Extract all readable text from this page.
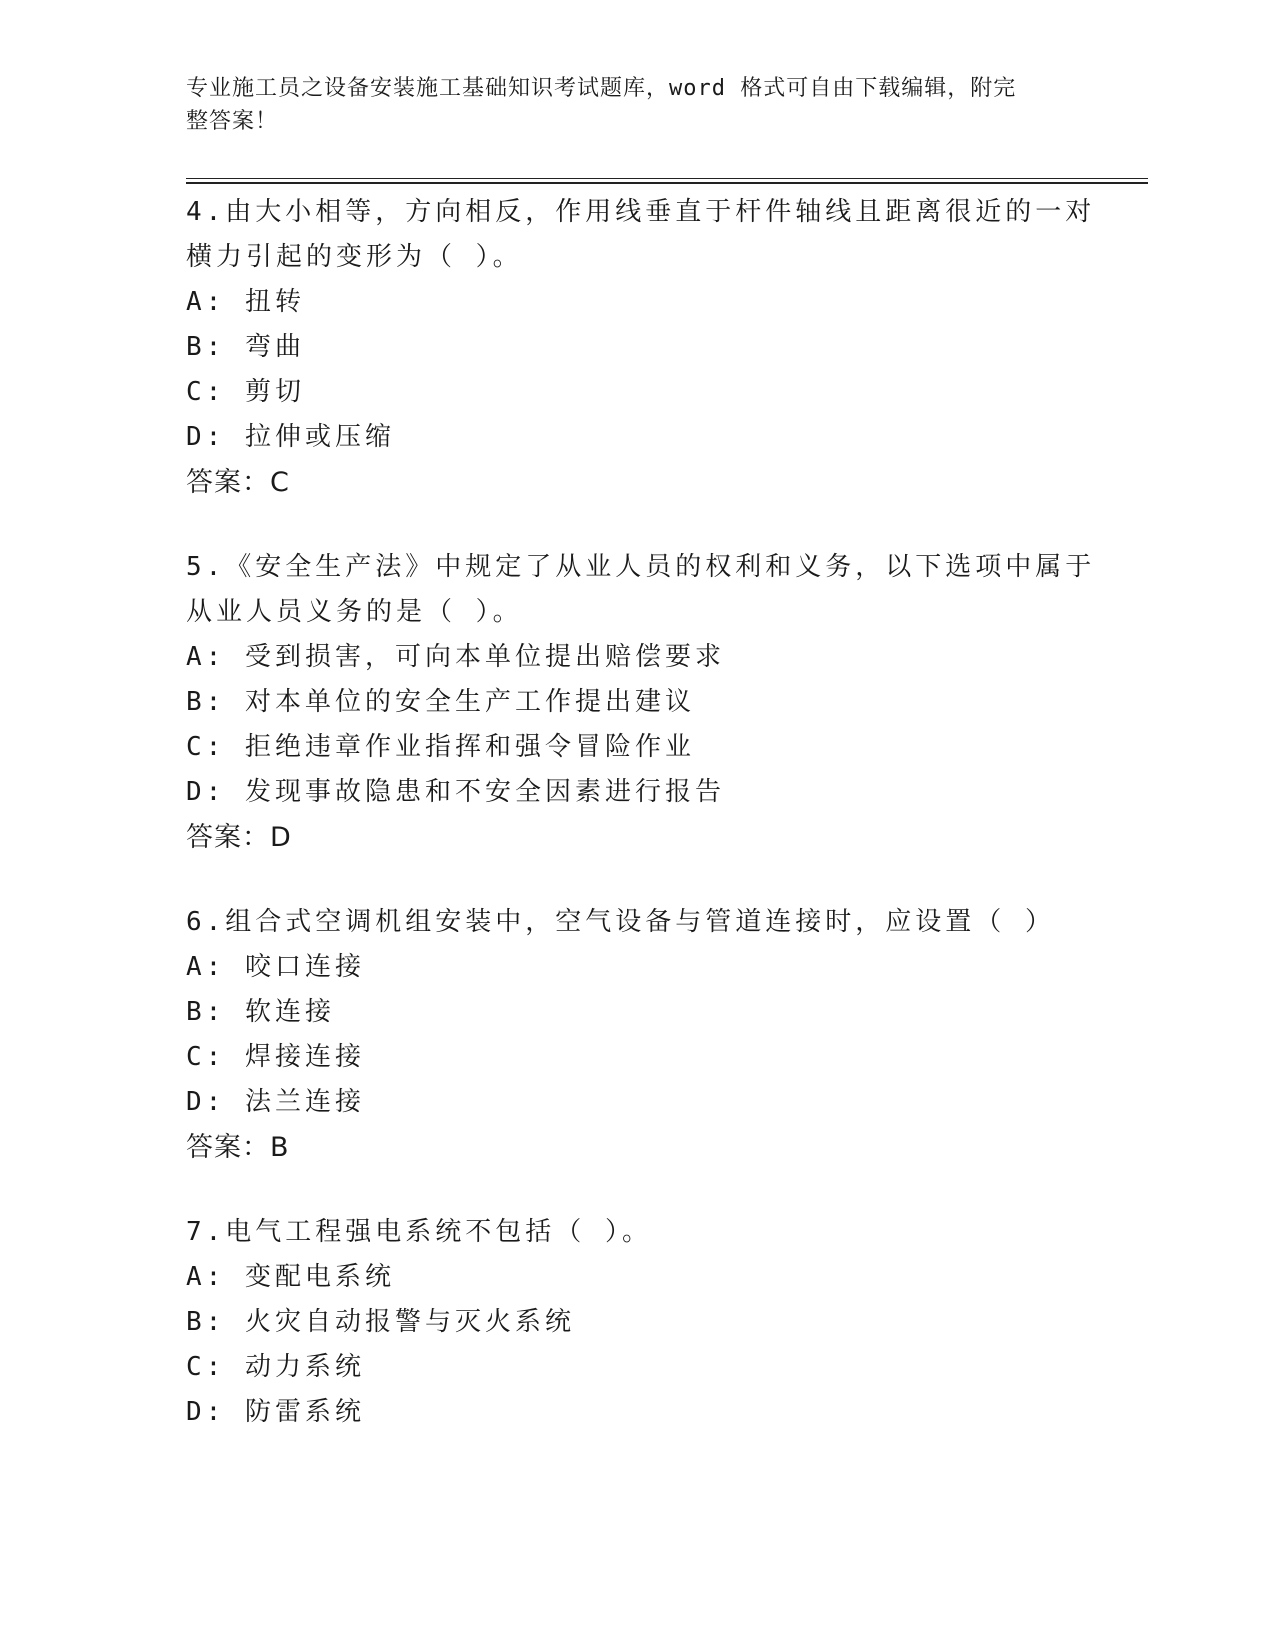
专业施工员之设备安装施工基础知识考试题库，word 格式可自由下载编辑，附完
整答案！
4.由大小相等，方向相反，作用线垂直于杆件轴线且距离很近的一对
横力引起的变形为（ ）。
A: 扭转
B: 弯曲
C: 剪切
D: 拉伸或压缩
答案：C
5.《安全生产法》中规定了从业人员的权利和义务，以下选项中属于
从业人员义务的是（ ）。
A: 受到损害，可向本单位提出赔偿要求
B: 对本单位的安全生产工作提出建议
C: 拒绝违章作业指挥和强令冒险作业
D: 发现事故隐患和不安全因素进行报告
答案：D
6.组合式空调机组安装中，空气设备与管道连接时，应设置（ ）
A: 咬口连接
B: 软连接
C: 焊接连接
D: 法兰连接
答案：B
7.电气工程强电系统不包括（ ）。
A: 变配电系统
B: 火灾自动报警与灭火系统
C: 动力系统
D: 防雷系统
